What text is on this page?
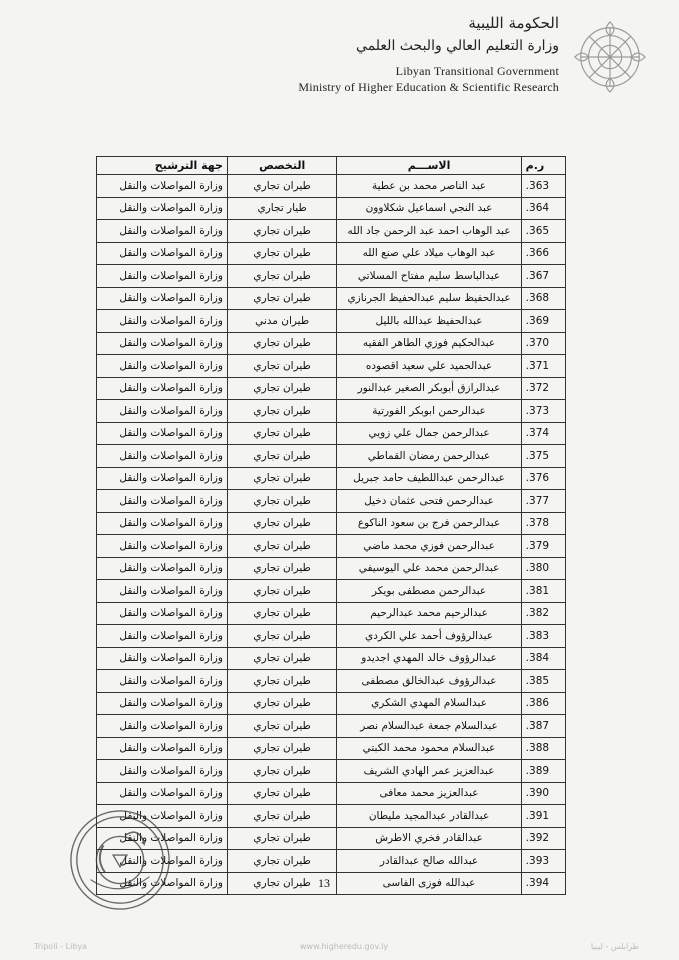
الحكومة الليبية
وزارة التعليم العالي والبحث العلمي
Libyan Transitional Government
Ministry of Higher Education & Scientific Research
ر.م	الاســـم	التخصص	جهة الترشيح
.363	عبد الناصر محمد بن عطية	طيران تجاري	وزارة المواصلات والنقل
.364	عبد النجي اسماعيل شكلاوون	طيار تجاري	وزارة المواصلات والنقل
.365	عبد الوهاب احمد عبد الرحمن جاد الله	طيران تجاري	وزارة المواصلات والنقل
.366	عبد الوهاب ميلاد علي صنع الله	طيران تجاري	وزارة المواصلات والنقل
.367	عبدالباسط سليم مفتاح المسلاتي	طيران تجاري	وزارة المواصلات والنقل
.368	عبدالحفيظ سليم عبدالحفيظ الجرنازي	طيران تجاري	وزارة المواصلات والنقل
.369	عبدالحفيظ عبدالله بالليل	طيران مدني	وزارة المواصلات والنقل
.370	عبدالحكيم فوزي الطاهر الفقيه	طيران تجاري	وزارة المواصلات والنقل
.371	عبدالحميد علي سعيد اقصوده	طيران تجاري	وزارة المواصلات والنقل
.372	عبدالرازق أبوبكر الصغير عبدالنور	طيران تجاري	وزارة المواصلات والنقل
.373	عبدالرحمن ابوبكر الفورتية	طيران تجاري	وزارة المواصلات والنقل
.374	عبدالرحمن جمال علي زويي	طيران تجاري	وزارة المواصلات والنقل
.375	عبدالرحمن رمضان القماطي	طيران تجاري	وزارة المواصلات والنقل
.376	عبدالرحمن عبداللطيف حامد جبريل	طيران تجاري	وزارة المواصلات والنقل
.377	عبدالرحمن فتحى عثمان دخيل	طيران تجاري	وزارة المواصلات والنقل
.378	عبدالرحمن فرج بن سعود الناكوع	طيران تجاري	وزارة المواصلات والنقل
.379	عبدالرحمن فوزي محمد ماضي	طيران تجاري	وزارة المواصلات والنقل
.380	عبدالرحمن محمد علي اليوسيفي	طيران تجاري	وزارة المواصلات والنقل
.381	عبدالرحمن مصطفى بويكر	طيران تجاري	وزارة المواصلات والنقل
.382	عبدالرحيم محمد عبدالرحيم	طيران تجاري	وزارة المواصلات والنقل
.383	عبدالرؤوف أحمد علي الكردي	طيران تجاري	وزارة المواصلات والنقل
.384	عبدالرؤوف خالد المهدي اجديدو	طيران تجاري	وزارة المواصلات والنقل
.385	عبدالرؤوف عبدالخالق مصطفى	طيران تجاري	وزارة المواصلات والنقل
.386	عبدالسلام المهدي الشكري	طيران تجاري	وزارة المواصلات والنقل
.387	عبدالسلام جمعة عبدالسلام نصر	طيران تجاري	وزارة المواصلات والنقل
.388	عبدالسلام محمود محمد الكبتي	طيران تجاري	وزارة المواصلات والنقل
.389	عبدالعزيز عمر الهادي الشريف	طيران تجاري	وزارة المواصلات والنقل
.390	عبدالعزيز محمد معافى	طيران تجاري	وزارة المواصلات والنقل
.391	عبدالقادر عبدالمجيد مليطان	طيران تجاري	وزارة المواصلات والنقل
.392	عبدالقادر فخري الاطرش	طيران تجاري	وزارة المواصلات والنقل
.393	عبدالله صالح عبدالقادر	طيران تجاري	وزارة المواصلات والنقل
.394	عبدالله فوزى الفاسى	طيران تجاري	وزارة المواصلات والنقل	13
Tripoli - Libya	www.higheredu.gov.ly	طرابلس - ليبيا
